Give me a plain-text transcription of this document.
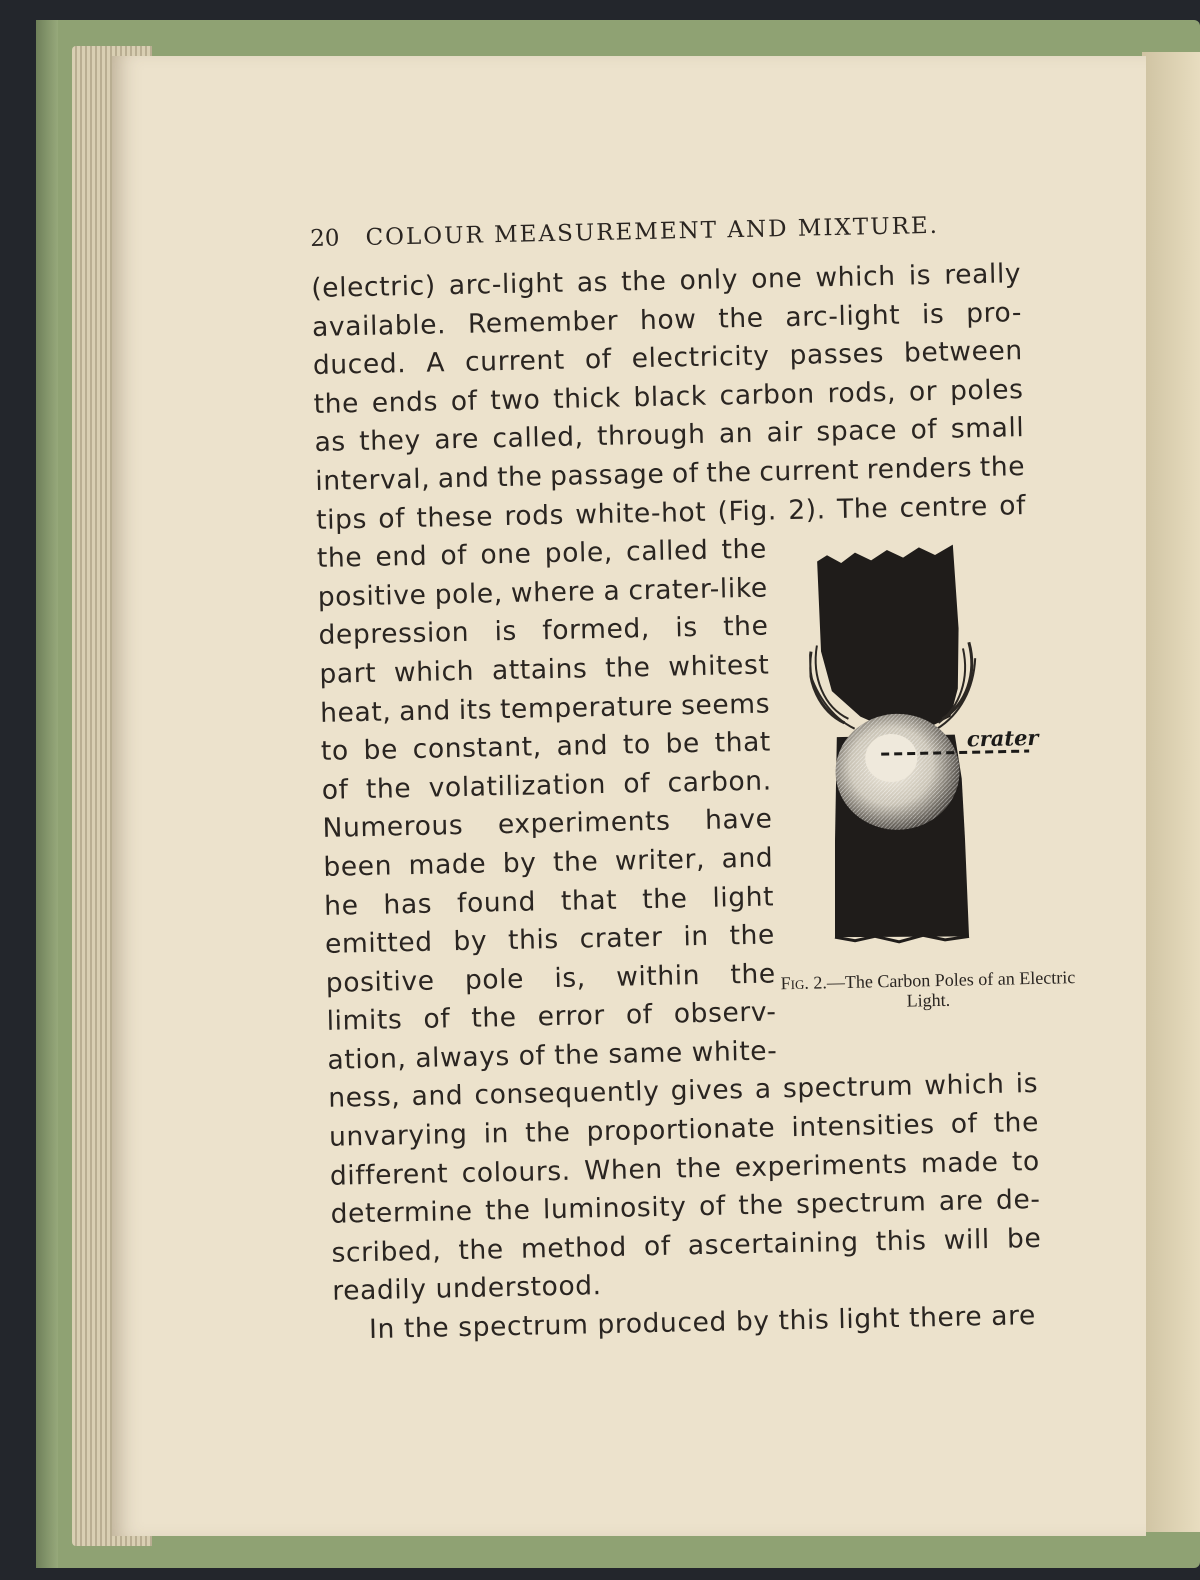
20 COLOUR MEASUREMENT AND MIXTURE.
(electric) arc-light as the only one which is really
available. Remember how the arc-light is pro-
duced. A current of electricity passes between
the ends of two thick black carbon rods, or poles
as they are called, through an air space of small
interval, and the passage of the current renders the
tips of these rods white-hot (Fig. 2). The centre of
the end of one pole, called the
positive pole, where a crater-like
depression is formed, is the
part which attains the whitest
heat, and its temperature seems
to be constant, and to be that
of the volatilization of carbon.
Numerous experiments have
been made by the writer, and
he has found that the light
emitted by this crater in the
positive pole is, within the
limits of the error of observ-
ation, always of the same white-
ness, and consequently gives a spectrum which is
unvarying in the proportionate intensities of the
different colours. When the experiments made to
determine the luminosity of the spectrum are de-
scribed, the method of ascertaining this will be
readily understood.
In the spectrum produced by this light there are
crater
Fig. 2.—The Carbon Poles of an Electric Light.
